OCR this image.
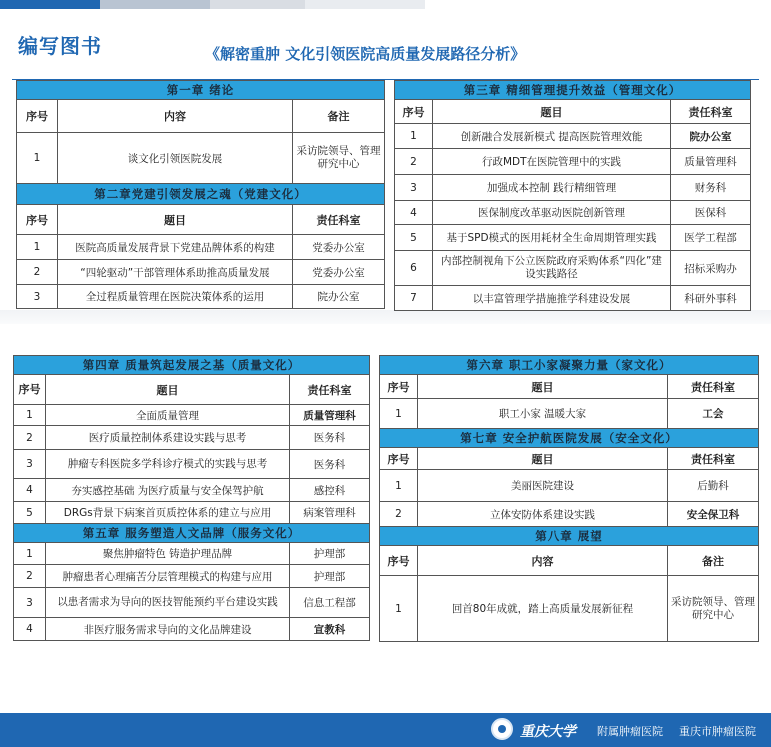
编写图书	《解密重肿 文化引领医院高质量发展路径分析》
第一章 绪论		
序号	内容	备注
1	谈文化引领医院发展	采访院领导、管理研究中心
第二章党建引领发展之魂（党建文化）		
序号	题目	责任科室
1	医院高质量发展背景下党建品牌体系的构建	党委办公室
2	“四轮驱动”干部管理体系助推高质量发展	党委办公室
3	全过程质量管理在医院决策体系的运用	院办公室
第三章 精细管理提升效益（管理文化）		
序号	题目	责任科室
1	创新融合发展新模式 提高医院管理效能	院办公室
2	行政MDT在医院管理中的实践	质量管理科
3	加强成本控制 践行精细管理	财务科
4	医保制度改革驱动医院创新管理	医保科
5	基于SPD模式的医用耗材全生命周期管理实践	医学工程部
6	内部控制视角下公立医院政府采购体系“四化”建设实践路径	招标采购办
7	以丰富管理学措施推学科建设发展	科研外事科
第四章 质量筑起发展之基（质量文化）		
序号	题目	责任科室
1	全面质量管理	质量管理科
2	医疗质量控制体系建设实践与思考	医务科
3	肿瘤专科医院多学科诊疗模式的实践与思考	医务科
4	夯实感控基础 为医疗质量与安全保驾护航	感控科
5	DRGs背景下病案首页质控体系的建立与应用	病案管理科
第五章 服务塑造人文品牌（服务文化）		
1	聚焦肿瘤特色 铸造护理品牌	护理部
2	肿瘤患者心理痛苦分层管理模式的构建与应用	护理部
3	以患者需求为导向的医技智能预约平台建设实践	信息工程部
4	非医疗服务需求导向的文化品牌建设	宣教科
第六章 职工小家凝聚力量（家文化）		
序号	题目	责任科室
1	职工小家 温暖大家	工会
第七章 安全护航医院发展（安全文化）		
序号	题目	责任科室
1	美丽医院建设	后勤科
2	立体安防体系建设实践	安全保卫科
第八章 展望		
序号	内容	备注
1	回首80年成就，踏上高质量发展新征程	采访院领导、管理研究中心
重庆大学 附属肿瘤医院 重庆市肿瘤医院
